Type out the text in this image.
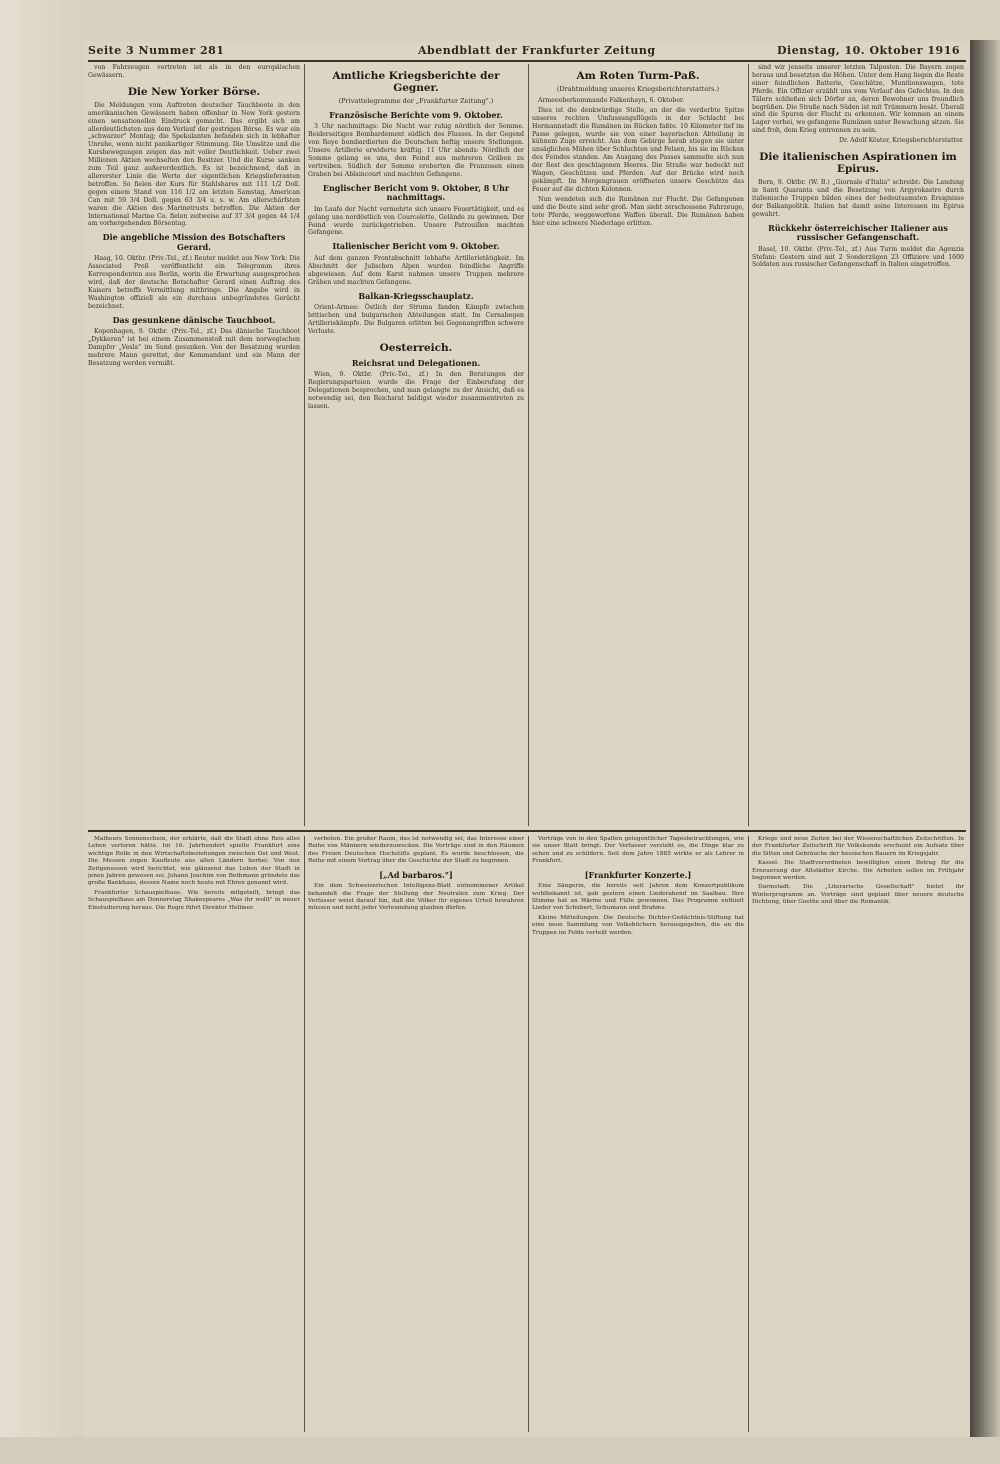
Seite 3 Nummer 281	Abendblatt der Frankfurter Zeitung	Dienstag, 10. Oktober 1916

von Fahrzeugen vertreten ist als in den europäischen Gewässern.

Die New Yorker Börse.

Die Meldungen vom Auftreten deutscher Tauchboote in den amerikanischen Gewässern haben offenbar in New York gestern einen sensationellen Eindruck gemacht. Das ergibt sich am allerdeutlichsten aus dem Verlauf der gestrigen Börse. Es war ein „schwarzer" Montag; die Spekulanten befanden sich in lebhafter Unruhe, wenn nicht panikartiger Stimmung. Die Umsätze und die Kursbewegungen zeigen das mit voller Deutlichkeit. Ueber zwei Millionen Aktien wechselten den Besitzer. Und die Kurse sanken zum Teil ganz außerordentlich. Es ist bezeichnend, daß in allererster Linie die Werte der eigentlichen Kriegslieferanten betroffen. So fielen der Kurs für Stahlshares mit 111 1/2 Doll. gegen einem Stand von 116 1/2 am letzten Samstag, American Can mit 59 3/4 Doll. gegen 63 3/4 u. s. w. Am allerschärfsten waren die Aktien des Marinetrusts betroffen. Die Aktien der International Marine Co. fielen zeitweise auf 37 3/4 gegen 44 1/4 am vorhergehenden Börsentag.

Die angebliche Mission des Botschafters Gerard.

Haag, 10. Oktbr. (Priv.-Tel., zf.) Reuter meldet aus New York: Die Associated Preß veröffentlicht ein Telegramm ihres Korrespondenten aus Berlin, worin die Erwartung ausgesprochen wird, daß der deutsche Botschafter Gerard einen Auftrag des Kaisers betreffs Vermittlung mitbringe. Die Angabe wird in Washington offiziell als ein durchaus unbegründetes Gerücht bezeichnet.

Das gesunkene dänische Tauchboot.

Kopenhagen, 9. Oktbr. (Priv.-Tel., zf.) Das dänische Tauchboot „Dykkeren" ist bei einem Zusammenstoß mit dem norwegischen Dampfer „Vesla" im Sund gesunken. Von der Besatzung wurden mehrere Mann gerettet, der Kommandant und ein Mann der Besatzung werden vermißt.

Amtliche Kriegsberichte der Gegner.
(Privattelegramme der „Frankfurter Zeitung".)
Französische Berichte vom 9. Oktober.

3 Uhr nachmittags: Die Nacht war ruhig nördlich der Somme. Beiderseitiges Bombardement südlich des Flusses. In der Gegend von Roye bombardierten die Deutschen heftig unsere Stellungen. Unsere Artillerie erwiderte kräftig. 11 Uhr abends: Nördlich der Somme gelang es uns, den Feind aus mehreren Gräben zu vertreiben. Südlich der Somme eroberten die Franzosen einen Graben bei Ablaincourt und machten Gefangene.

Englischer Bericht vom 9. Oktober, 8 Uhr nachmittags.

Im Laufe der Nacht vermehrte sich unsere Feuertätigkeit, und es gelang uns nordöstlich von Courcelette, Gelände zu gewinnen. Der Feind wurde zurückgetrieben. Unsere Patrouillen machten Gefangene.

Italienischer Bericht vom 9. Oktober.

Auf dem ganzen Frontabschnitt lebhafte Artillerietätigkeit. Im Abschnitt der Julischen Alpen wurden feindliche Angriffe abgewiesen. Auf dem Karst nahmen unsere Truppen mehrere Gräben und machten Gefangene.

Balkan-Kriegsschauplatz.

Orient-Armee: Östlich der Struma fanden Kämpfe zwischen britischen und bulgarischen Abteilungen statt. Im Cernabogen Artilleriekämpfe. Die Bulgaren erlitten bei Gegenangriffen schwere Verluste.

Oesterreich.
Reichsrat und Delegationen.

Wien, 9. Oktbr. (Priv.-Tel., zf.) In den Beratungen der Regierungsparteien wurde die Frage der Einberufung der Delegationen besprochen, und man gelangte zu der Ansicht, daß es notwendig sei, den Reichsrat baldigst wieder zusammentreten zu lassen.

Am Roten Turm-Paß.
(Drahtmeldung unseres Kriegsberichterstatters.)

Armeeoberkommando Falkenhayn, 6. Oktober.

Dies ist die denkwürdige Stelle, an der die verderbte Spitze unseres rechten Umfassungsflügels in der Schlacht bei Hermannstadt die Rumänen im Rücken faßte. 10 Kilometer tief im Passe gelegen, wurde sie von einer bayerischen Abteilung in kühnem Zuge erreicht. Aus dem Gebirge herab stiegen sie unter unsäglichen Mühen über Schluchten und Felsen, bis sie im Rücken des Feindes standen. Am Ausgang des Passes sammelte sich nun der Rest des geschlagenen Heeres. Die Straße war bedeckt mit Wagen, Geschützen und Pferden. Auf der Brücke wird noch gekämpft. Im Morgengrauen eröffneten unsere Geschütze das Feuer auf die dichten Kolonnen.

Nun wendeten sich die Rumänen zur Flucht. Die Gefangenen und die Beute sind sehr groß. Man sieht zerschossene Fahrzeuge, tote Pferde, weggeworfene Waffen überall. Die Rumänen haben hier eine schwere Niederlage erlitten.

sind wir jenseits unserer letzten Talposten. Die Bayern zogen heraus und besetzten die Höhen. Unter dem Hang liegen die Reste einer feindlichen Batterie, Geschütze, Munitionswagen, tote Pferde. Ein Offizier erzählt uns vom Verlauf des Gefechtes. In den Tälern schließen sich Dörfer an, deren Bewohner uns freundlich begrüßen. Die Straße nach Süden ist mit Trümmern besät. Überall sind die Spuren der Flucht zu erkennen. Wir kommen an einem Lager vorbei, wo gefangene Rumänen unter Bewachung sitzen. Sie sind froh, dem Krieg entronnen zu sein.

Dr. Adolf Köster, Kriegsberichterstatter.

Die italienischen Aspirationen im Epirus.

Bern, 9. Oktbr. (W. B.) „Giornale d'Italia" schreibt: Die Landung in Santi Quaranta und die Besetzung von Argyrokastro durch italienische Truppen bilden eines der bedeutsamsten Ereignisse der Balkanpolitik. Italien hat damit seine Interessen im Epirus gewahrt.

Rückkehr österreichischer Italiener aus russischer Gefangenschaft.

Basel, 10. Oktbr. (Priv.-Tel., zf.) Aus Turin meldet die Agenzia Stefani: Gestern sind mit 2 Sonderzügen 23 Offiziere und 1600 Soldaten aus russischer Gefangenschaft in Italien eingetroffen.

Malheurs Sonnenschein, der erklärte, daß die Stadt ohne Reis alles Leben verloren hätte. Im 16. Jahrhundert spielte Frankfurt eine wichtige Rolle in den Wirtschaftsbeziehungen zwischen Ost und West. Die Messen zogen Kaufleute aus allen Ländern herbei. Von den Zeitgenossen wird berichtet, wie glänzend das Leben der Stadt in jenen Jahren gewesen sei. Johann Joachim von Bethmann gründete das große Bankhaus, dessen Name noch heute mit Ehren genannt wird.

Frankfurter Schauspielhaus. Wie bereits mitgeteilt, bringt das Schauspielhaus am Donnerstag Shakespeares „Was ihr wollt" in neuer Einstudierung heraus. Die Regie führt Direktor Hellmer.

verboten. Ein großer Raum, das ist notwendig sei, das Interesse einer Reihe von Männern wiederzuwecken. Die Vorträge sind in den Räumen des Freien Deutschen Hochstifts geplant. Es wurde beschlossen, die Reihe mit einem Vortrag über die Geschichte der Stadt zu beginnen.

[„Ad barbaros."]

Ein dem Schweizerischen Intelligenz-Blatt entnommener Artikel behandelt die Frage der Stellung der Neutralen zum Krieg. Der Verfasser weist darauf hin, daß die Völker ihr eigenes Urteil bewahren müssen und nicht jeder Verleumdung glauben dürfen.

Vorträge von in den Spalten gelegentlicher Tagesbetrachtungen, wie sie unser Blatt bringt. Der Verfasser versteht es, die Dinge klar zu sehen und zu schildern. Seit dem Jahre 1885 wirkte er als Lehrer in Frankfurt.

[Frankfurter Konzerte.]

Eine Sängerin, die bereits seit Jahren dem Konzertpublikum wohlbekannt ist, gab gestern einen Liederabend im Saalbau. Ihre Stimme hat an Wärme und Fülle gewonnen. Das Programm enthielt Lieder von Schubert, Schumann und Brahms.

Kleine Mitteilungen. Die Deutsche Dichter-Gedächtnis-Stiftung hat eine neue Sammlung von Volksbüchern herausgegeben, die an die Truppen im Felde verteilt werden.

Kriege und neue Zeiten bei der Wissenschaftlichen Zeitschriften. In der Frankfurter Zeitschrift für Volkskunde erscheint ein Aufsatz über die Sitten und Gebräuche der hessischen Bauern im Kriegsjahr.

Kassel. Die Stadtverordneten bewilligten einen Betrag für die Erneuerung der Altstädter Kirche. Die Arbeiten sollen im Frühjahr begonnen werden.

Darmstadt. Die „Literarische Gesellschaft" bietet ihr Winterprogramm an. Vorträge sind geplant über neuere deutsche Dichtung, über Goethe und über die Romantik.
